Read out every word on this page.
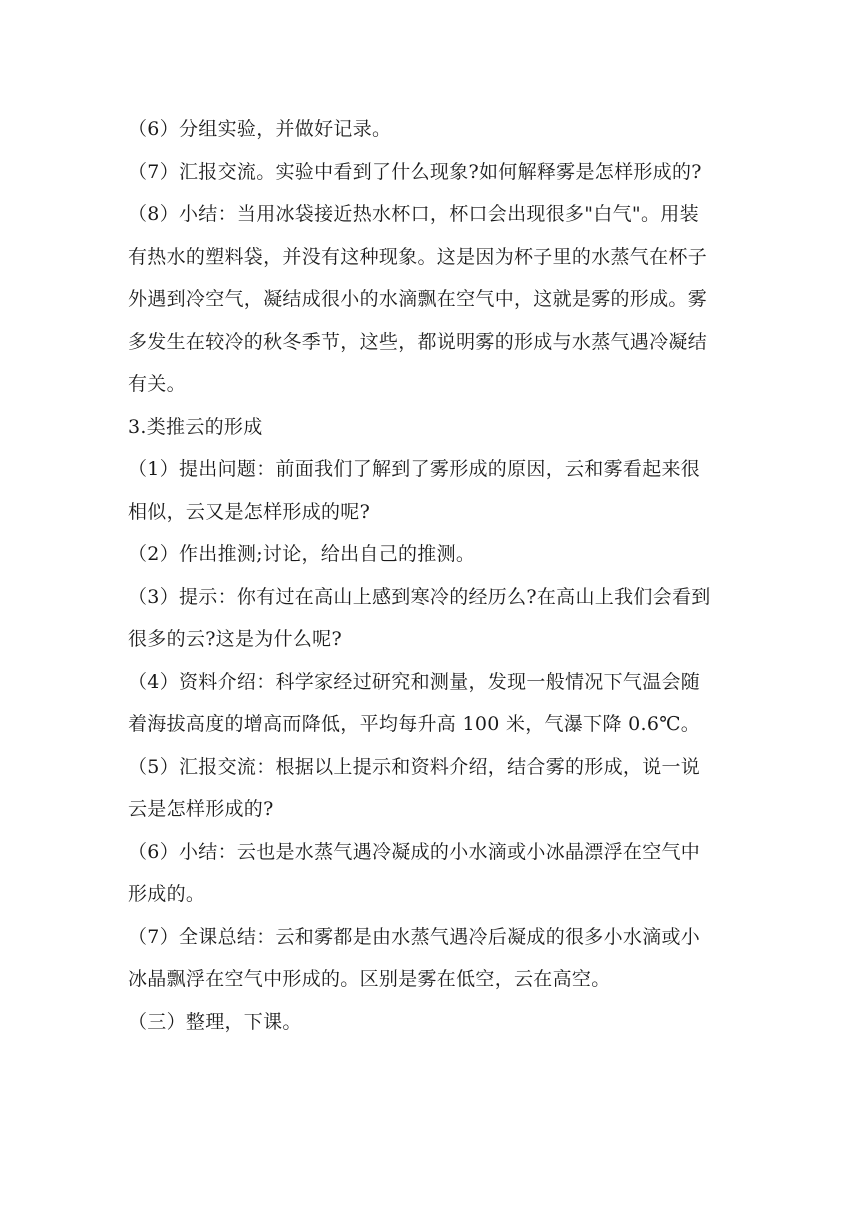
（6）分组实验，并做好记录。

（7）汇报交流。实验中看到了什么现象?如何解释雾是怎样形成的?

（8）小结：当用冰袋接近热水杯口，杯口会出现很多"白气"。用装
有热水的塑料袋，并没有这种现象。这是因为杯子里的水蒸气在杯子
外遇到冷空气，凝结成很小的水滴飘在空气中，这就是雾的形成。雾
多发生在较冷的秋冬季节，这些，都说明雾的形成与水蒸气遇冷凝结
有关。

3.类推云的形成

（1）提出问题：前面我们了解到了雾形成的原因，云和雾看起来很
相似，云又是怎样形成的呢?

（2）作出推测;讨论，给出自己的推测。

（3）提示：你有过在高山上感到寒冷的经历么?在高山上我们会看到
很多的云?这是为什么呢?

（4）资料介绍：科学家经过研究和测量，发现一般情况下气温会随
着海拔高度的增高而降低，平均每升高 100 米，气瀑下降 0.6℃。

（5）汇报交流：根据以上提示和资料介绍，结合雾的形成，说一说
云是怎样形成的?

（6）小结：云也是水蒸气遇冷凝成的小水滴或小冰晶漂浮在空气中
形成的。

（7）全课总结：云和雾都是由水蒸气遇冷后凝成的很多小水滴或小
冰晶飘浮在空气中形成的。区别是雾在低空，云在高空。

（三）整理，下课。
